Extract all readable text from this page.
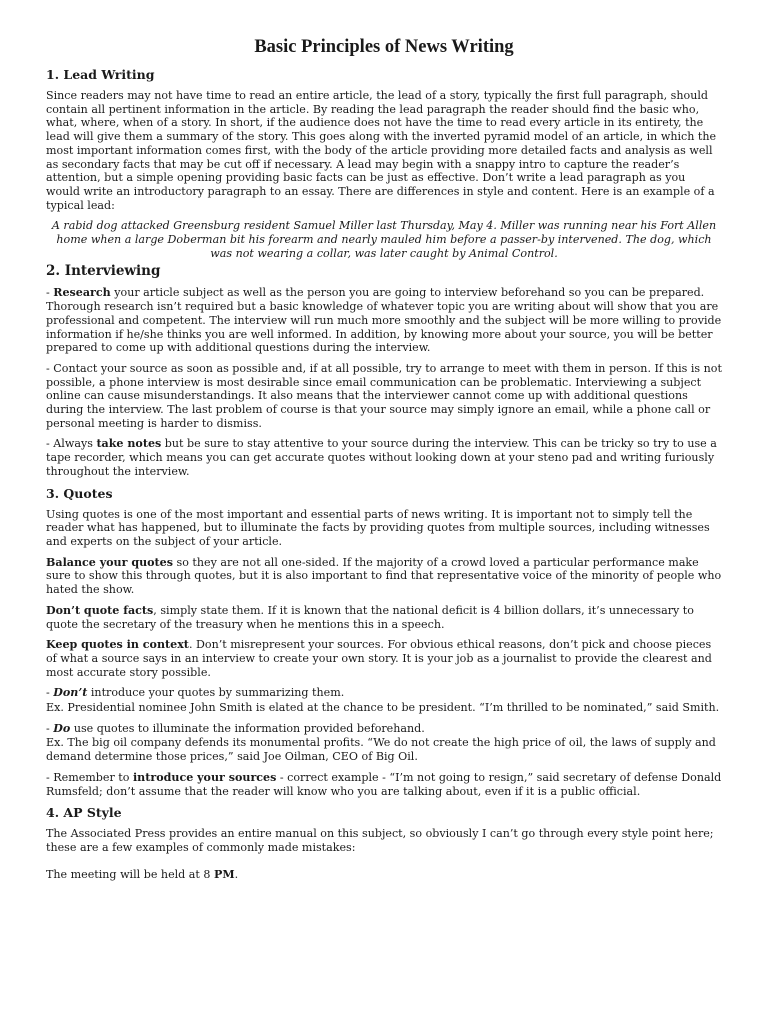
Basic Principles of News Writing
1. Lead Writing

Since readers may not have time to read an entire article, the lead of a story, typically the first full paragraph, should contain all pertinent information in the article. By reading the lead paragraph the reader should find the basic who, what, where, when of a story. In short, if the audience does not have the time to read every article in its entirety, the lead will give them a summary of the story. This goes along with the inverted pyramid model of an article, in which the most important information comes first, with the body of the article providing more detailed facts and analysis as well as secondary facts that may be cut off if necessary. A lead may begin with a snappy intro to capture the reader’s attention, but a simple opening providing basic facts can be just as effective. Don’t write a lead paragraph as you would write an introductory paragraph to an essay. There are differences in style and content. Here is an example of a typical lead:

A rabid dog attacked Greensburg resident Samuel Miller last Thursday, May 4. Miller was running near his Fort Allen home when a large Doberman bit his forearm and nearly mauled him before a passer-by intervened. The dog, which was not wearing a collar, was later caught by Animal Control.

2. Interviewing

- Research your article subject as well as the person you are going to interview beforehand so you can be prepared. Thorough research isn’t required but a basic knowledge of whatever topic you are writing about will show that you are professional and competent. The interview will run much more smoothly and the subject will be more willing to provide information if he/she thinks you are well informed. In addition, by knowing more about your source, you will be better prepared to come up with additional questions during the interview.

- Contact your source as soon as possible and, if at all possible, try to arrange to meet with them in person. If this is not possible, a phone interview is most desirable since email communication can be problematic. Interviewing a subject online can cause misunderstandings. It also means that the interviewer cannot come up with additional questions during the interview. The last problem of course is that your source may simply ignore an email, while a phone call or personal meeting is harder to dismiss.

- Always take notes but be sure to stay attentive to your source during the interview. This can be tricky so try to use a tape recorder, which means you can get accurate quotes without looking down at your steno pad and writing furiously throughout the interview.

3. Quotes

Using quotes is one of the most important and essential parts of news writing. It is important not to simply tell the reader what has happened, but to illuminate the facts by providing quotes from multiple sources, including witnesses and experts on the subject of your article.

Balance your quotes so they are not all one-sided. If the majority of a crowd loved a particular performance make sure to show this through quotes, but it is also important to find that representative voice of the minority of people who hated the show.

Don’t quote facts, simply state them. If it is known that the national deficit is 4 billion dollars, it’s unnecessary to quote the secretary of the treasury when he mentions this in a speech.

Keep quotes in context. Don’t misrepresent your sources. For obvious ethical reasons, don’t pick and choose pieces of what a source says in an interview to create your own story. It is your job as a journalist to provide the clearest and most accurate story possible.

- Don’t introduce your quotes by summarizing them.

Ex. Presidential nominee John Smith is elated at the chance to be president. “I’m thrilled to be nominated,” said Smith.

- Do use quotes to illuminate the information provided beforehand.

Ex. The big oil company defends its monumental profits. “We do not create the high price of oil, the laws of supply and demand determine those prices,” said Joe Oilman, CEO of Big Oil.

- Remember to introduce your sources - correct example - “I’m not going to resign,” said secretary of defense Donald Rumsfeld; don’t assume that the reader will know who you are talking about, even if it is a public official.

4. AP Style

The Associated Press provides an entire manual on this subject, so obviously I can’t go through every style point here; these are a few examples of commonly made mistakes:

The meeting will be held at 8 PM.
